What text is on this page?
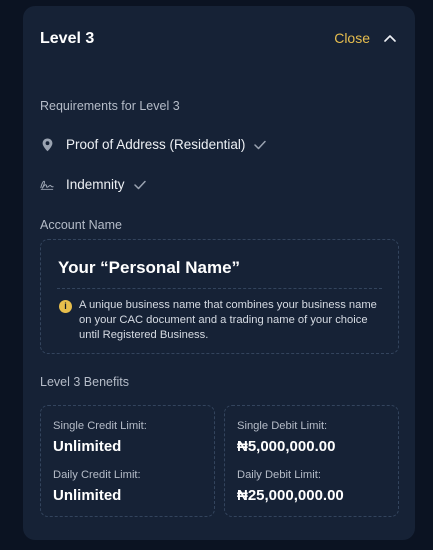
Level 3	Close
Requirements for Level 3
Proof of Address (Residential)
Indemnity
Account Name
Your “Personal Name”
i	A unique business name that combines your business name on your CAC document and a trading name of your choice until Registered Business.
Level 3 Benefits
Single Credit Limit:
Unlimited
Daily Credit Limit:
Unlimited
Single Debit Limit:
₦5,000,000.00
Daily Debit Limit:
₦25,000,000.00
